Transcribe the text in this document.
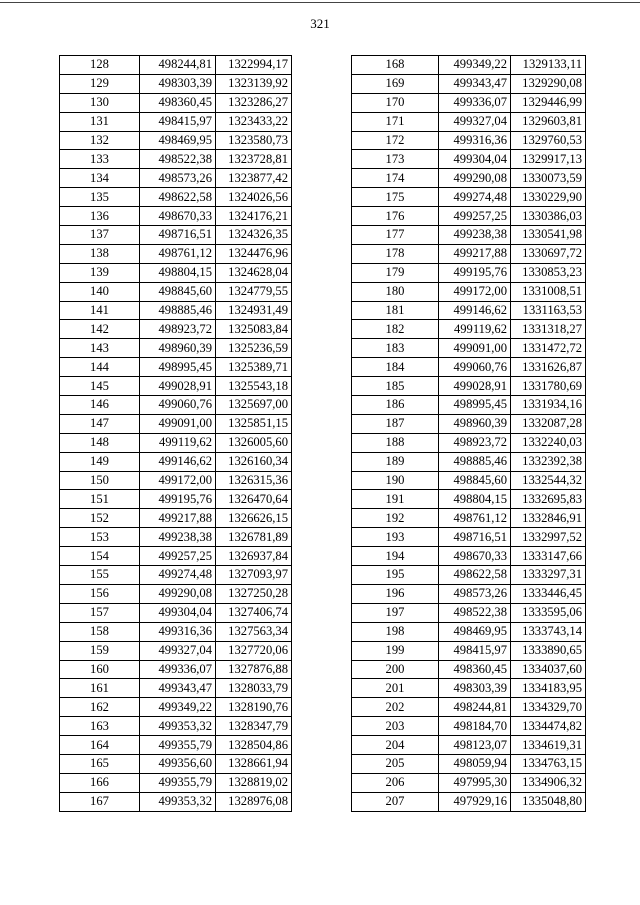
321
128	498244,81	1322994,17
129	498303,39	1323139,92
130	498360,45	1323286,27
131	498415,97	1323433,22
132	498469,95	1323580,73
133	498522,38	1323728,81
134	498573,26	1323877,42
135	498622,58	1324026,56
136	498670,33	1324176,21
137	498716,51	1324326,35
138	498761,12	1324476,96
139	498804,15	1324628,04
140	498845,60	1324779,55
141	498885,46	1324931,49
142	498923,72	1325083,84
143	498960,39	1325236,59
144	498995,45	1325389,71
145	499028,91	1325543,18
146	499060,76	1325697,00
147	499091,00	1325851,15
148	499119,62	1326005,60
149	499146,62	1326160,34
150	499172,00	1326315,36
151	499195,76	1326470,64
152	499217,88	1326626,15
153	499238,38	1326781,89
154	499257,25	1326937,84
155	499274,48	1327093,97
156	499290,08	1327250,28
157	499304,04	1327406,74
158	499316,36	1327563,34
159	499327,04	1327720,06
160	499336,07	1327876,88
161	499343,47	1328033,79
162	499349,22	1328190,76
163	499353,32	1328347,79
164	499355,79	1328504,86
165	499356,60	1328661,94
166	499355,79	1328819,02
167	499353,32	1328976,08
168	499349,22	1329133,11
169	499343,47	1329290,08
170	499336,07	1329446,99
171	499327,04	1329603,81
172	499316,36	1329760,53
173	499304,04	1329917,13
174	499290,08	1330073,59
175	499274,48	1330229,90
176	499257,25	1330386,03
177	499238,38	1330541,98
178	499217,88	1330697,72
179	499195,76	1330853,23
180	499172,00	1331008,51
181	499146,62	1331163,53
182	499119,62	1331318,27
183	499091,00	1331472,72
184	499060,76	1331626,87
185	499028,91	1331780,69
186	498995,45	1331934,16
187	498960,39	1332087,28
188	498923,72	1332240,03
189	498885,46	1332392,38
190	498845,60	1332544,32
191	498804,15	1332695,83
192	498761,12	1332846,91
193	498716,51	1332997,52
194	498670,33	1333147,66
195	498622,58	1333297,31
196	498573,26	1333446,45
197	498522,38	1333595,06
198	498469,95	1333743,14
199	498415,97	1333890,65
200	498360,45	1334037,60
201	498303,39	1334183,95
202	498244,81	1334329,70
203	498184,70	1334474,82
204	498123,07	1334619,31
205	498059,94	1334763,15
206	497995,30	1334906,32
207	497929,16	1335048,80
